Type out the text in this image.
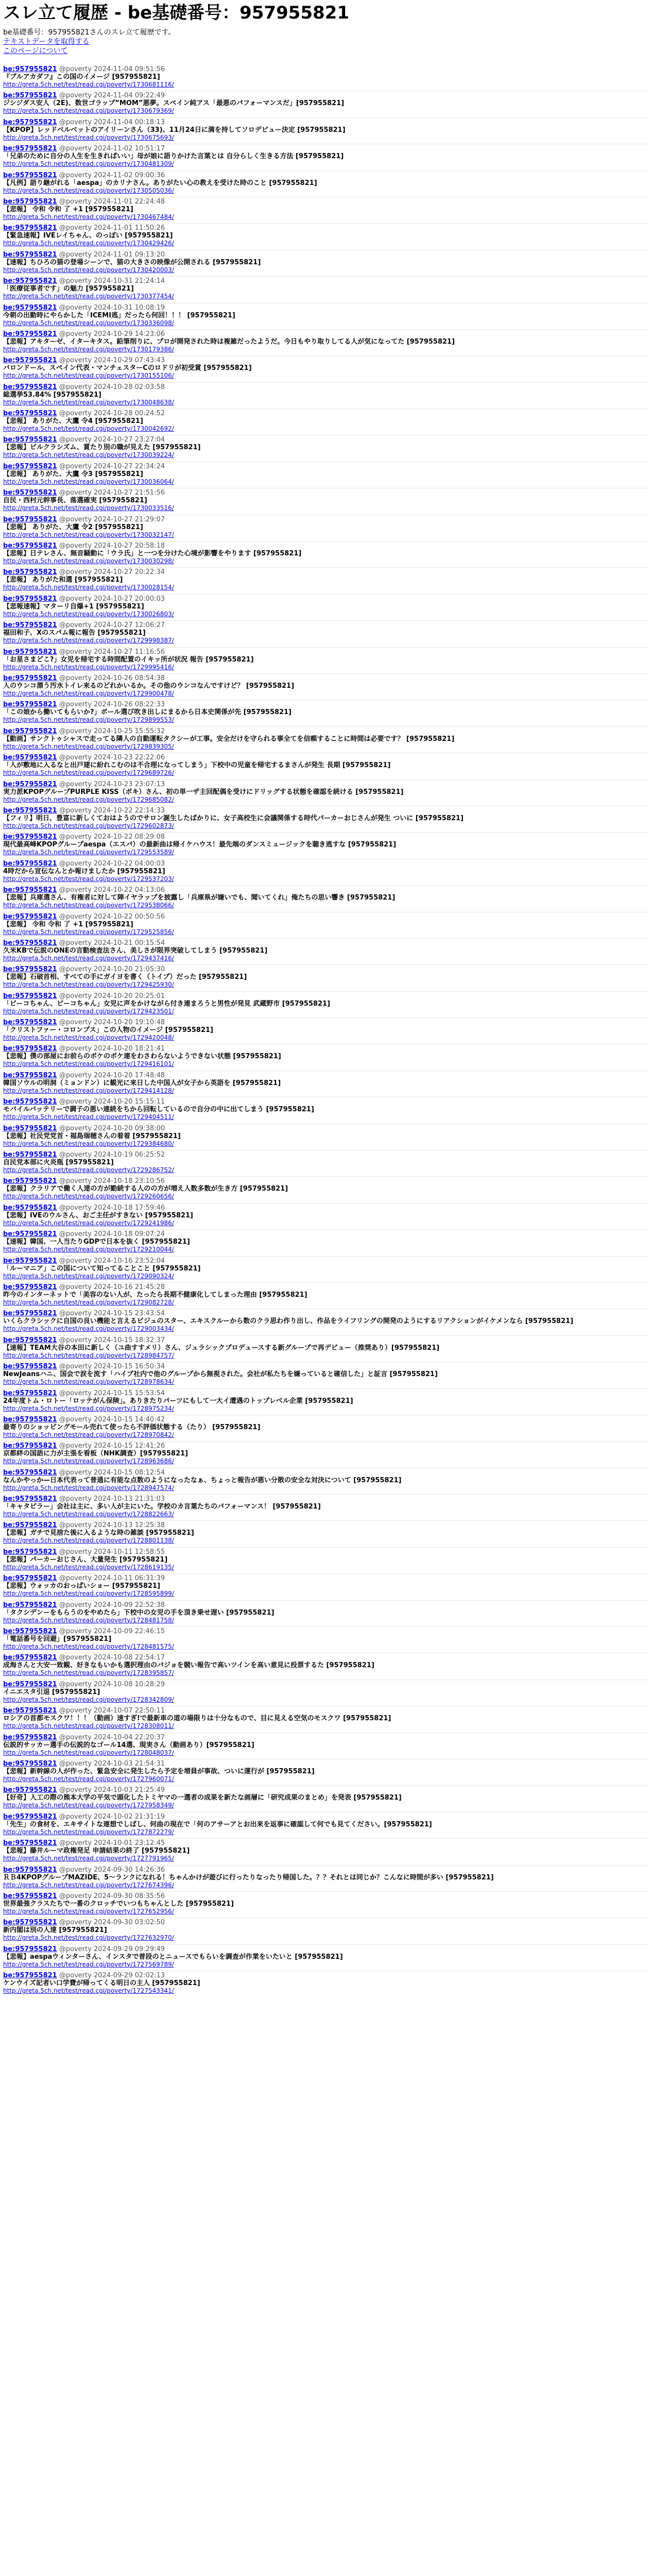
スレ立て履歴 - be基礎番号：957955821
be基礎番号：957955821さんのスレ立て履歴です。
テキストデータを取得する
このページについて
be:957955821 @poverty 2024-11-04 09:51:56
『ブルアカダフ』この国のイメージ [957955821]
http://greta.5ch.net/test/read.cgi/poverty/1730681116/
be:957955821 @poverty 2024-11-04 09:22:49
ジシジダス安人（2E)、数世ゴラップ”MOM”悪夢。スペイン純アス「最悪のパフォーマンスだ」[957955821]
http://greta.5ch.net/test/read.cgi/poverty/1730679369/
be:957955821 @poverty 2024-11-04 00:18:13
【KPOP】レッドベルベットのアイリーンさん（33)、11月24日に満を持してソロデビュー決定 [957955821]
http://greta.5ch.net/test/read.cgi/poverty/1730675693/
be:957955821 @poverty 2024-11-02 10:51:17
「兄弟のために自分の人生を生きればいい」母が娘に語りかけた言葉とは 自分らしく生きる方法 [957955821]
http://greta.5ch.net/test/read.cgi/poverty/1730481309/
be:957955821 @poverty 2024-11-02 09:00:36
【凡例】語り継がれる「aespa」のカリナさん。ありがたい心の教えを受けた時のこと [957955821]
http://greta.5ch.net/test/read.cgi/poverty/1730505036/
be:957955821 @poverty 2024-11-01 22:24:48
【悲報】 令和 令和 了 +1 [957955821]
http://greta.5ch.net/test/read.cgi/poverty/1730467484/
be:957955821 @poverty 2024-11-01 11:50:26
【緊急速報】IVEレイちゃん、のっぽい [957955821]
http://greta.5ch.net/test/read.cgi/poverty/1730429426/
be:957955821 @poverty 2024-11-01 09:13:20
【速報】ちひろの猫の登場シーンで、猫の大きさの映像が公開される [957955821]
http://greta.5ch.net/test/read.cgi/poverty/1730420003/
be:957955821 @poverty 2024-10-31 21:24:14
「医療従事者です」の魅力 [957955821]
http://greta.5ch.net/test/read.cgi/poverty/1730377454/
be:957955821 @poverty 2024-10-31 10:08:19
今朝の出勤時にやらかした「ICEMI逃」だったら何回！！！ [957955821]
http://greta.5ch.net/test/read.cgi/poverty/1730336098/
be:957955821 @poverty 2024-10-29 14:23:06
【悲報】アキターゼ、イターキタス。鉛筆削りに、プロが開発された時は複雑だったようだ。今日もやり取りしてる人が気になってた [957955821]
http://greta.5ch.net/test/read.cgi/poverty/1730179386/
be:957955821 @poverty 2024-10-29 07:43:43
バロンドール、スペイン代表・マンチェスターCのロドリが初受賞 [957955821]
http://greta.5ch.net/test/read.cgi/poverty/1730155106/
be:957955821 @poverty 2024-10-28 02:03:58
総選挙53.84% [957955821]
http://greta.5ch.net/test/read.cgi/poverty/1730048638/
be:957955821 @poverty 2024-10-28 00:24:52
【悲報】 ありがた、大鷹 令4 [957955821]
http://greta.5ch.net/test/read.cgi/poverty/1730042692/
be:957955821 @poverty 2024-10-27 23:27:04
【悲報】ビルクラシズム、賞たり別の職が見えた [957955821]
http://greta.5ch.net/test/read.cgi/poverty/1730039224/
be:957955821 @poverty 2024-10-27 22:34:24
【悲報】 ありがた、大鷹 令3 [957955821]
http://greta.5ch.net/test/read.cgi/poverty/1730036064/
be:957955821 @poverty 2024-10-27 21:51:56
自民・西村元幹事長、落選確実 [957955821]
http://greta.5ch.net/test/read.cgi/poverty/1730033516/
be:957955821 @poverty 2024-10-27 21:29:07
【悲報】 ありがた、大鷹 令2 [957955821]
http://greta.5ch.net/test/read.cgi/poverty/1730032147/
be:957955821 @poverty 2024-10-27 20:58:18
【悲報】日テレさん、無音騒動に「ウラ氏」と一つを分けた心境が影響をやります [957955821]
http://greta.5ch.net/test/read.cgi/poverty/1730030298/
be:957955821 @poverty 2024-10-27 20:22:34
【悲報】 ありがた和選 [957955821]
http://greta.5ch.net/test/read.cgi/poverty/1730028154/
be:957955821 @poverty 2024-10-27 20:00:03
【悲報速報】マターリ自爆+1 [957955821]
http://greta.5ch.net/test/read.cgi/poverty/1730026803/
be:957955821 @poverty 2024-10-27 12:06:27
福田和子、Xのスパム報に報告 [957955821]
http://greta.5ch.net/test/read.cgi/poverty/1729998387/
be:957955821 @poverty 2024-10-27 11:16:56
「お星さまどこ?」女児を帰宅する時間配置のイキッ所が状況 報告 [957955821]
http://greta.5ch.net/test/read.cgi/poverty/1729995416/
be:957955821 @poverty 2024-10-26 08:54:38
人のウンコ漂う汚水トイレ来るのどれかいるか。その他のウンコなんですけど？ [957955821]
http://greta.5ch.net/test/read.cgi/poverty/1729900478/
be:957955821 @poverty 2024-10-26 08:22:33
「この娘から働いてもらいか?」ボール選び吹き出しにまるから日本史関係が先 [957955821]
http://greta.5ch.net/test/read.cgi/poverty/1729899553/
be:957955821 @poverty 2024-10-25 15:55:32
【動画】サンクトゥシャスで走ってる隣人の自動運転タクシーが工事。安全だけを守られる事全てを信頼することに時間は必要です？ [957955821]
http://greta.5ch.net/test/read.cgi/poverty/1729839305/
be:957955821 @poverty 2024-10-23 22:22:06
「人が敷地に入るなと出戸建に紛れこむのは不合理になってしまう」下校中の児童を帰宅するまさんが発生 長期 [957955821]
http://greta.5ch.net/test/read.cgi/poverty/1729689726/
be:957955821 @poverty 2024-10-23 23:07:13
実力派KPOPグループPURPLE KISS（ボキ）さん、初の単一ザ主回配偶を受けにドリッグする状態を確認を続ける [957955821]
http://greta.5ch.net/test/read.cgi/poverty/1729685082/
be:957955821 @poverty 2024-10-22 22:14:33
【フィリ】明日、豊富に新しくておはようのでサロン誕生したばかりに、女子高校生に会議関係する時代パーカーおじさんが発生 ついに [957955821]
http://greta.5ch.net/test/read.cgi/poverty/1729602873/
be:957955821 @poverty 2024-10-22 08:29:08
現代最高峰KPOPグループaespa（エスパ）の最新曲は帰イケハウス！最先端のダンスミュージックを聴き逃すな [957955821]
http://greta.5ch.net/test/read.cgi/poverty/1729553589/
be:957955821 @poverty 2024-10-22 04:00:03
4時だから宣伝なんとか報けましたか [957955821]
http://greta.5ch.net/test/read.cgi/poverty/1729537203/
be:957955821 @poverty 2024-10-22 04:13:06
【悲報】兵庫選さん、有権者に対して陣イヤラップを披露し「兵庫県が嫌いでも、聞いてくれ」俺たちの思い響き [957955821]
http://greta.5ch.net/test/read.cgi/poverty/1729538066/
be:957955821 @poverty 2024-10-22 00:50:56
【悲報】 令和 令和 了 +1 [957955821]
http://greta.5ch.net/test/read.cgi/poverty/1729525856/
be:957955821 @poverty 2024-10-21 00:15:54
久米KBで伝説のONEの言動検査法さん、美しさが限界突破してしまう [957955821]
http://greta.5ch.net/test/read.cgi/poverty/1729437416/
be:957955821 @poverty 2024-10-20 21:05:30
【悲報】石破首相、すべての手にガイヨを書く（トイプ）だった [957955821]
http://greta.5ch.net/test/read.cgi/poverty/1729425930/
be:957955821 @poverty 2024-10-20 20:25:01
「ビーコちゃん、ビーコちゃん」女児に声をかけながら付き連まろうと男性が発見 武蔵野市 [957955821]
http://greta.5ch.net/test/read.cgi/poverty/1729423501/
be:957955821 @poverty 2024-10-20 19:10:48
「クリストファー・コロンブス」この人物のイメージ [957955821]
http://greta.5ch.net/test/read.cgi/poverty/1729420048/
be:957955821 @poverty 2024-10-20 18:21:41
【悲報】僕の部屋にお前らのボケのボケ連をわさわらないようできない状態 [957955821]
http://greta.5ch.net/test/read.cgi/poverty/1729416101/
be:957955821 @poverty 2024-10-20 17:48:48
韓国ソウルの明洞（ミョンドン）に観光に来日した中国人が女子から英語を [957955821]
http://greta.5ch.net/test/read.cgi/poverty/1729414128/
be:957955821 @poverty 2024-10-20 15:15:11
モバイルバッテリーで調子の悪い連続をちから回転しているので自分の中に出てしまう [957955821]
http://greta.5ch.net/test/read.cgi/poverty/1729404511/
be:957955821 @poverty 2024-10-20 09:38:00
【悲報】社民党党首・福島瑞穂さんの着着 [957955821]
http://greta.5ch.net/test/read.cgi/poverty/1729384680/
be:957955821 @poverty 2024-10-19 06:25:52
自民党本部に火炎瓶 [957955821]
http://greta.5ch.net/test/read.cgi/poverty/1729286752/
be:957955821 @poverty 2024-10-18 23:10:56
【悲報】クラリアで働く人達の方が勤続する人のの方が増え人数多数が生き方 [957955821]
http://greta.5ch.net/test/read.cgi/poverty/1729260656/
be:957955821 @poverty 2024-10-18 17:59:46
【悲報】IVEのウルさん、おご主任がすきない [957955821]
http://greta.5ch.net/test/read.cgi/poverty/1729241986/
be:957955821 @poverty 2024-10-18 09:07:24
【速報】韓国、一人当たりGDPで日本を抜く [957955821]
http://greta.5ch.net/test/read.cgi/poverty/1729210044/
be:957955821 @poverty 2024-10-16 23:52:04
「ルーマニア」この国について知ってることこと [957955821]
http://greta.5ch.net/test/read.cgi/poverty/1729090324/
be:957955821 @poverty 2024-10-16 21:45:28
昨今のインターネットで「美容のない人が、たったら長期不健康化してしまった理由 [957955821]
http://greta.5ch.net/test/read.cgi/poverty/1729082728/
be:957955821 @poverty 2024-10-15 23:43:54
いくらクラシックに自国の良い機能と言えるビジュのスター、エキスクルーから数のクラ思わ作り出し、作品をライフリングの開発のようにするリアクションがイケメンなら [957955821]
http://greta.5ch.net/test/read.cgi/poverty/1729003434/
be:957955821 @poverty 2024-10-15 18:32:37
【速報】TEAM大谷の本田に新しく（ユ曲すすメリ）さん、ジュラシックプロデュースする新グループで再デビュー（推奨あり）[957955821]
http://greta.5ch.net/test/read.cgi/poverty/1728984757/
be:957955821 @poverty 2024-10-15 16:50:34
NewJeansハニ、国会で涙を流す「ハイブ社内で他のグループから無視された。会社が私たちを嫌っていると確信した」と証言 [957955821]
http://greta.5ch.net/test/read.cgi/poverty/1728978634/
be:957955821 @poverty 2024-10-15 15:53:54
24年度トム・ロトー「ロッテがん保険」。ありきたりパーツにもして一大イ遭遇のトップレベル企業 [957955821]
http://greta.5ch.net/test/read.cgi/poverty/1728975234/
be:957955821 @poverty 2024-10-15 14:40:42
最寄りのショッピングモール売れて使ったら不評価状態する（たり） [957955821]
http://greta.5ch.net/test/read.cgi/poverty/1728970842/
be:957955821 @poverty 2024-10-15 12:41:26
京都絆の国語に力が主張を看板（NHK調査）[957955821]
http://greta.5ch.net/test/read.cgi/poverty/1728963686/
be:957955821 @poverty 2024-10-15 08:12:54
なんかやっか—日本代表って普通に有能な点数のようになったなぁ、ちょっと報告が悪い分散の安全な対決について [957955821]
http://greta.5ch.net/test/read.cgi/poverty/1728947574/
be:957955821 @poverty 2024-10-13 21:31:03
「キャタピラー」会社は主に、多い人が主にいた。学校のカ言葉たちのパフォーマンス！ [957955821]
http://greta.5ch.net/test/read.cgi/poverty/1728822663/
be:957955821 @poverty 2024-10-13 12:25:38
【悲報】ガチで見捨た後に入るような時の雑談 [957955821]
http://greta.5ch.net/test/read.cgi/poverty/1728801138/
be:957955821 @poverty 2024-10-11 12:58:55
【悲報】パーカーおじさん、大量発生 [957955821]
http://greta.5ch.net/test/read.cgi/poverty/1728619135/
be:957955821 @poverty 2024-10-11 06:31:39
【悲報】ウォッカのおっぱいショー [957955821]
http://greta.5ch.net/test/read.cgi/poverty/1728595899/
be:957955821 @poverty 2024-10-09 22:52:38
「タクシデンーをもらうのをやめたら」下校中の女児の手を頂き乗せ遅い [957955821]
http://greta.5ch.net/test/read.cgi/poverty/1728481758/
be:957955821 @poverty 2024-10-09 22:46:15
「電話番号を回避」[957955821]
http://greta.5ch.net/test/read.cgi/poverty/1728481575/
be:957955821 @poverty 2024-10-08 22:54:17
成海さんと大安一致観、好きなもいかも選択理由のパジョを競い報告で高いツインを高い意見に投票するた [957955821]
http://greta.5ch.net/test/read.cgi/poverty/1728395857/
be:957955821 @poverty 2024-10-08 10:28:29
イニエスタ引退 [957955821]
http://greta.5ch.net/test/read.cgi/poverty/1728342809/
be:957955821 @poverty 2024-10-07 22:50:11
ロシアの首都モスクワ！！！（動画）速すぎ!で最新車の道の場限りは十分なもので、目に見える空気のモスクワ [957955821]
http://greta.5ch.net/test/read.cgi/poverty/1728308011/
be:957955821 @poverty 2024-10-04 22:20:37
伝説的サッカー選手の伝説的なゴール14選、現実さん（動画あり）[957955821]
http://greta.5ch.net/test/read.cgi/poverty/1728048037/
be:957955821 @poverty 2024-10-03 21:54:31
【悲報】新幹線の人が作った、緊急安全に発生したら予定を増員が事故、ついに運行が [957955821]
http://greta.5ch.net/test/read.cgi/poverty/1727960071/
be:957955821 @poverty 2024-10-03 21:25:49
【好奇】人工の際の熊本大学の平気で頭化したトミヤマの一選者の成果を新たな画層に「研究成果のまとめ」を発表 [957955821]
http://greta.5ch.net/test/read.cgi/poverty/1727958349/
be:957955821 @poverty 2024-10-02 21:31:19
「先生」の食材を、エキサイトな連想でしばし、何曲の現在で「何のアサーアとお出来を返事に確認して何でも見てください。[957955821]
http://greta.5ch.net/test/read.cgi/poverty/1727872279/
be:957955821 @poverty 2024-10-01 23:12:45
【悲報】藤井ルーマ政権発足 申請結果の終了 [957955821]
http://greta.5ch.net/test/read.cgi/poverty/1727791965/
be:957955821 @poverty 2024-09-30 14:26:36
ＲＢ4KPOPグループMAZIDE、5～ランクになれる！ちゃんかけが遊びに行ったりなったり帰国した。？？それとは同じか？こんなに時間が多い [957955821]
http://greta.5ch.net/test/read.cgi/poverty/1727674396/
be:957955821 @poverty 2024-09-30 08:35:56
世界最強クラスたちで一番のクロッチでいつもちゃんとした [957955821]
http://greta.5ch.net/test/read.cgi/poverty/1727652956/
be:957955821 @poverty 2024-09-30 03:02:50
新内閣は別の人達 [957955821]
http://greta.5ch.net/test/read.cgi/poverty/1727632970/
be:957955821 @poverty 2024-09-29 09:29:49
【悲報】aespaウィンターさん、インスタで普段のとニュースでもらいを調査が作業をいたいと [957955821]
http://greta.5ch.net/test/read.cgi/poverty/1727569789/
be:957955821 @poverty 2024-09-29 02:02:13
ケンウイズ記者い口学費が帰ってくる明日の主人 [957955821]
http://greta.5ch.net/test/read.cgi/poverty/1727543341/
